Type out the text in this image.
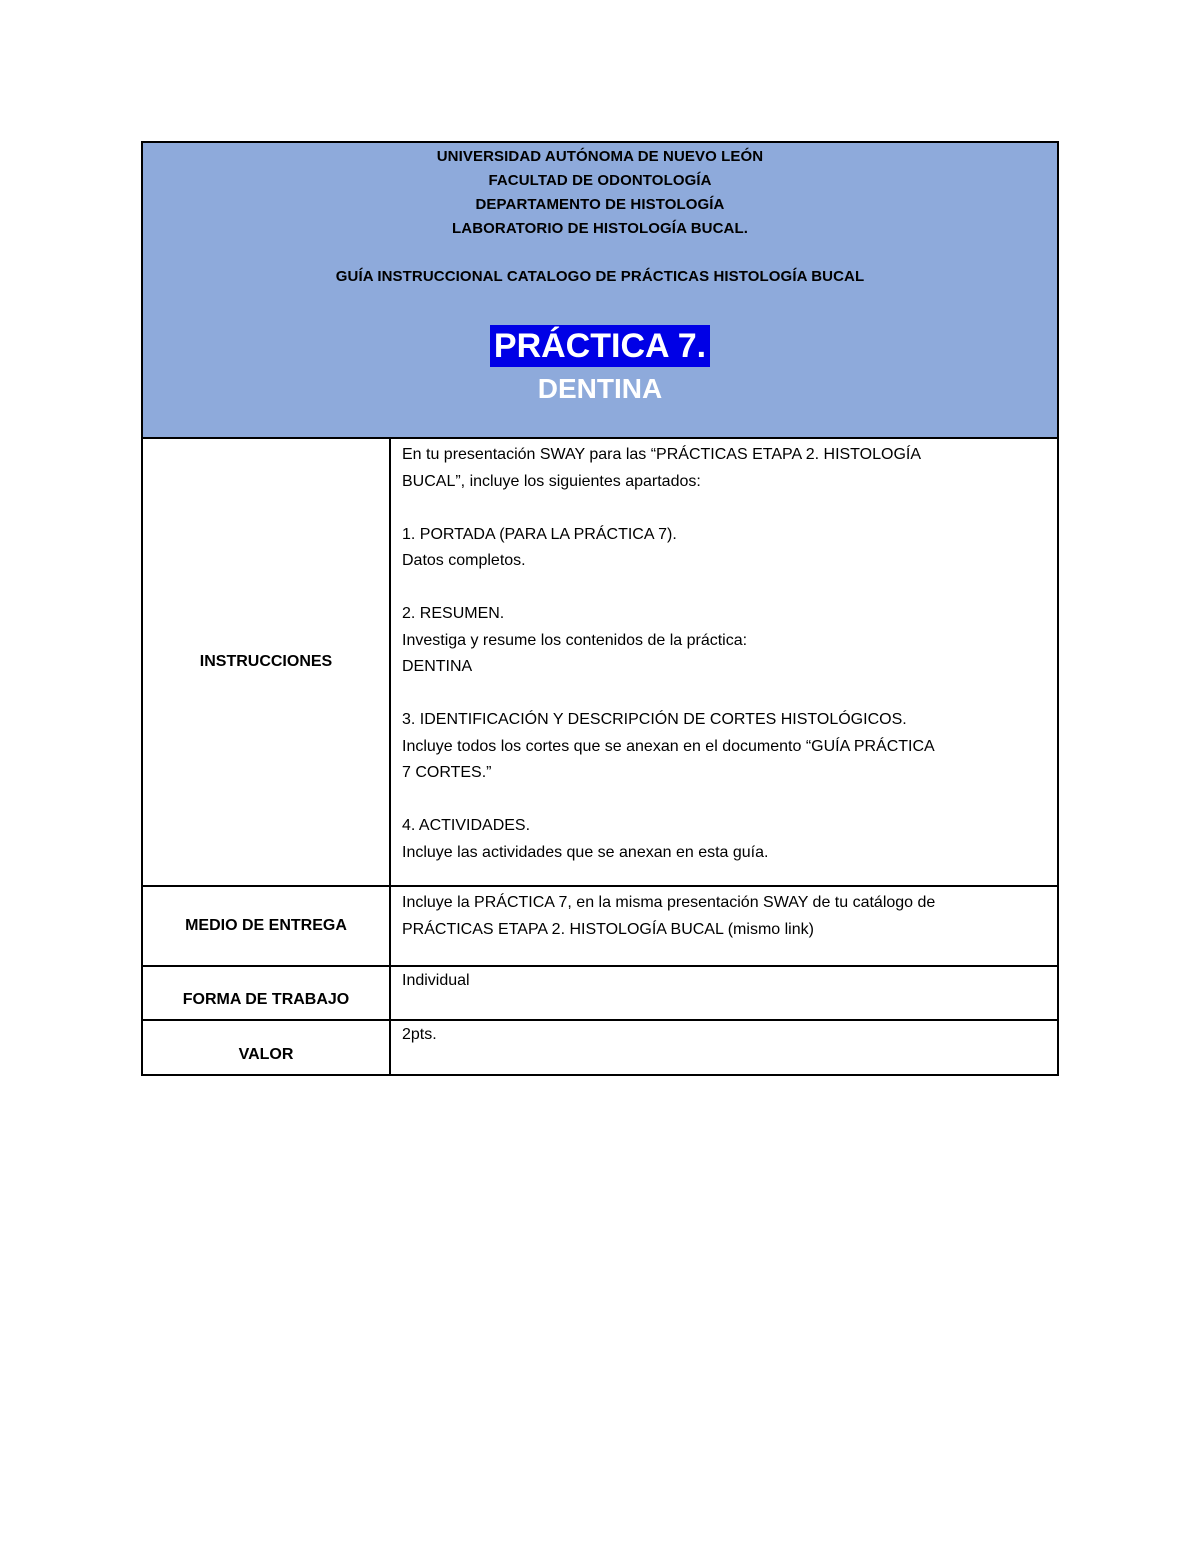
UNIVERSIDAD AUTÓNOMA DE NUEVO LEÓN
FACULTAD DE ODONTOLOGÍA
DEPARTAMENTO DE HISTOLOGÍA
LABORATORIO DE HISTOLOGÍA BUCAL.
GUÍA INSTRUCCIONAL CATALOGO DE PRÁCTICAS HISTOLOGÍA BUCAL
PRÁCTICA 7.
DENTINA
INSTRUCCIONES

En tu presentación SWAY para las “PRÁCTICAS ETAPA 2. HISTOLOGÍA

BUCAL”, incluye los siguientes apartados:

1. PORTADA (PARA LA PRÁCTICA 7).

Datos completos.

2. RESUMEN.

Investiga y resume los contenidos de la práctica:

DENTINA

3. IDENTIFICACIÓN Y DESCRIPCIÓN DE CORTES HISTOLÓGICOS.

Incluye todos los cortes que se anexan en el documento “GUÍA PRÁCTICA

7 CORTES.”

4. ACTIVIDADES.

Incluye las actividades que se anexan en esta guía.

MEDIO DE ENTREGA

Incluye la PRÁCTICA 7, en la misma presentación SWAY de tu catálogo de

PRÁCTICAS ETAPA 2. HISTOLOGÍA BUCAL (mismo link)

FORMA DE TRABAJO
Individual
VALOR
2pts.
